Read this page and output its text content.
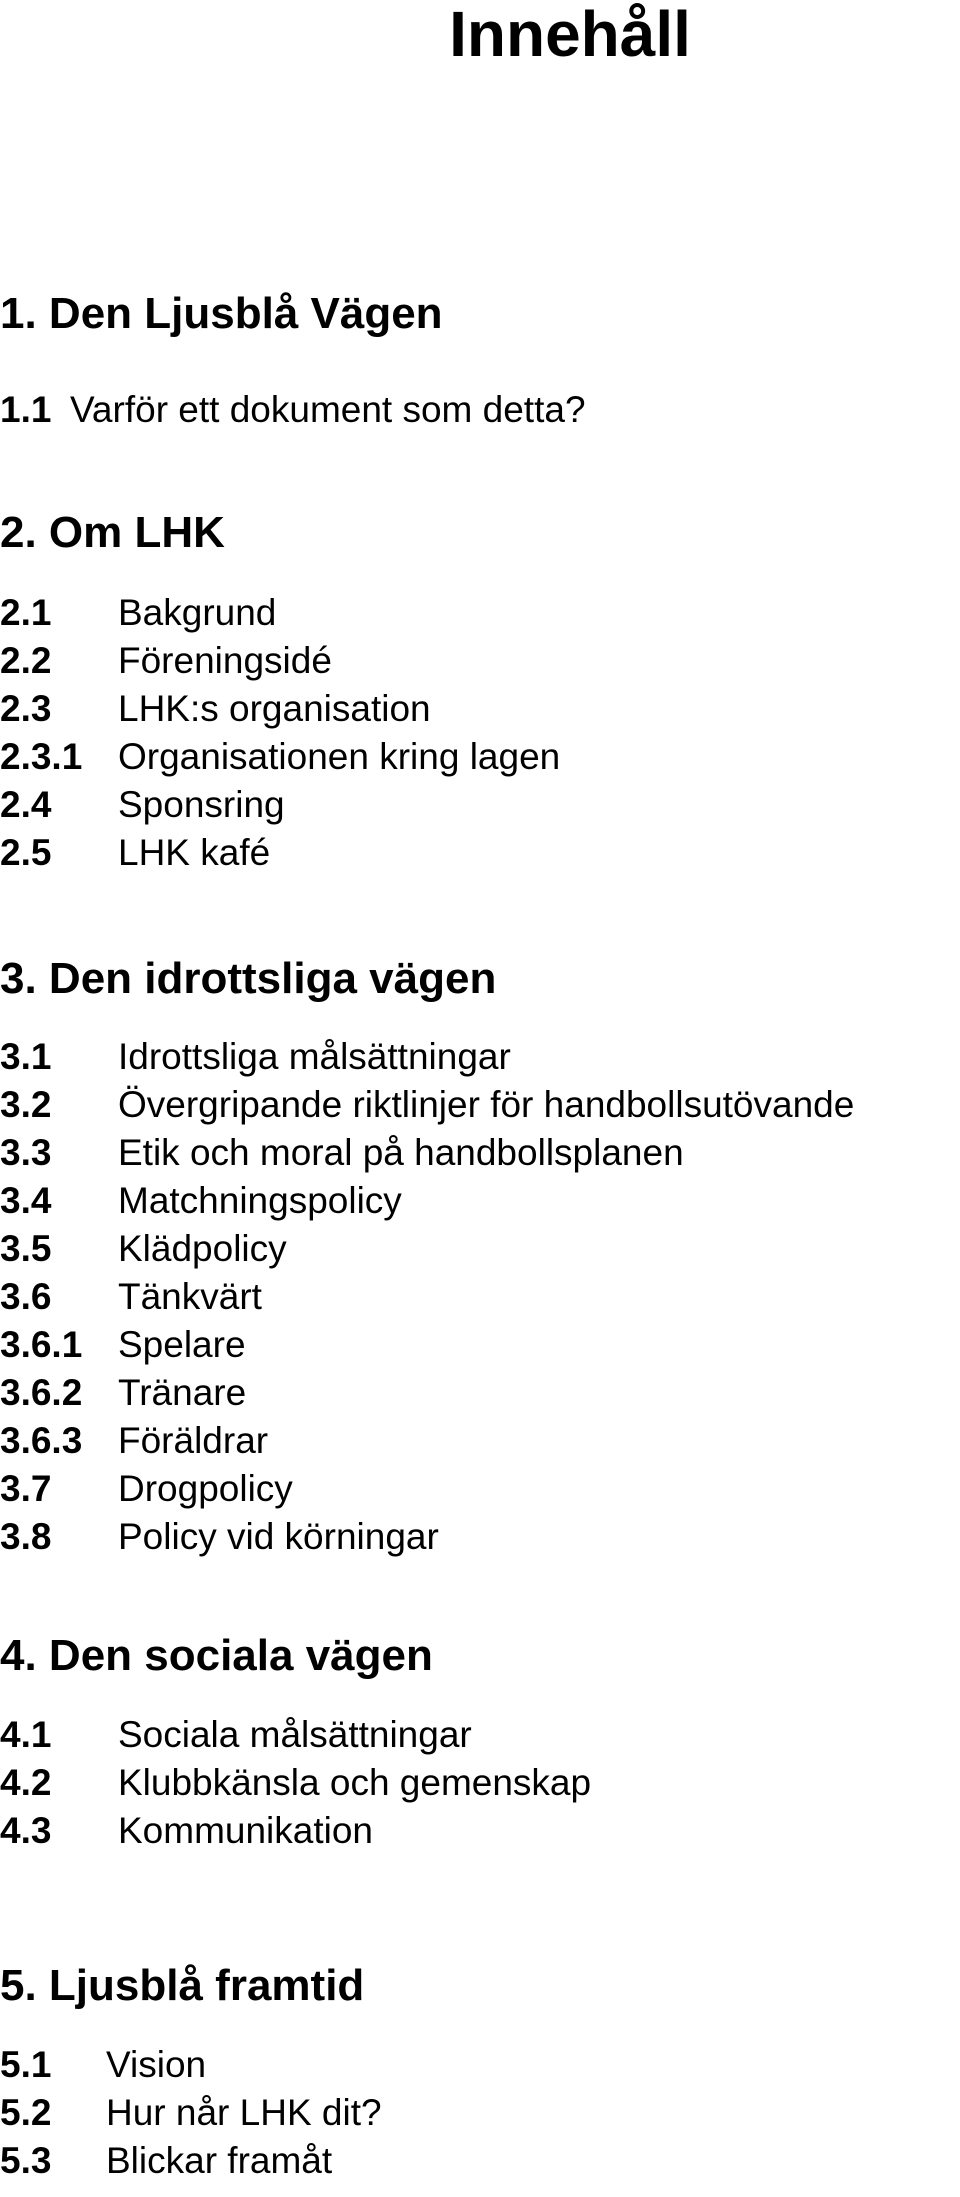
Innehåll
1. Den Ljusblå Vägen
1.1 Varför ett dokument som detta?
2. Om LHK
2.1 Bakgrund
2.2 Föreningsidé
2.3 LHK:s organisation
2.3.1 Organisationen kring lagen
2.4 Sponsring
2.5 LHK kafé
3. Den idrottsliga vägen
3.1 Idrottsliga målsättningar
3.2 Övergripande riktlinjer för handbollsutövande
3.3 Etik och moral på handbollsplanen
3.4 Matchningspolicy
3.5 Klädpolicy
3.6 Tänkvärt
3.6.1 Spelare
3.6.2 Tränare
3.6.3 Föräldrar
3.7 Drogpolicy
3.8 Policy vid körningar
4. Den sociala vägen
4.1 Sociala målsättningar
4.2 Klubbkänsla och gemenskap
4.3 Kommunikation
5. Ljusblå framtid
5.1 Vision
5.2 Hur når LHK dit?
5.3 Blickar framåt
